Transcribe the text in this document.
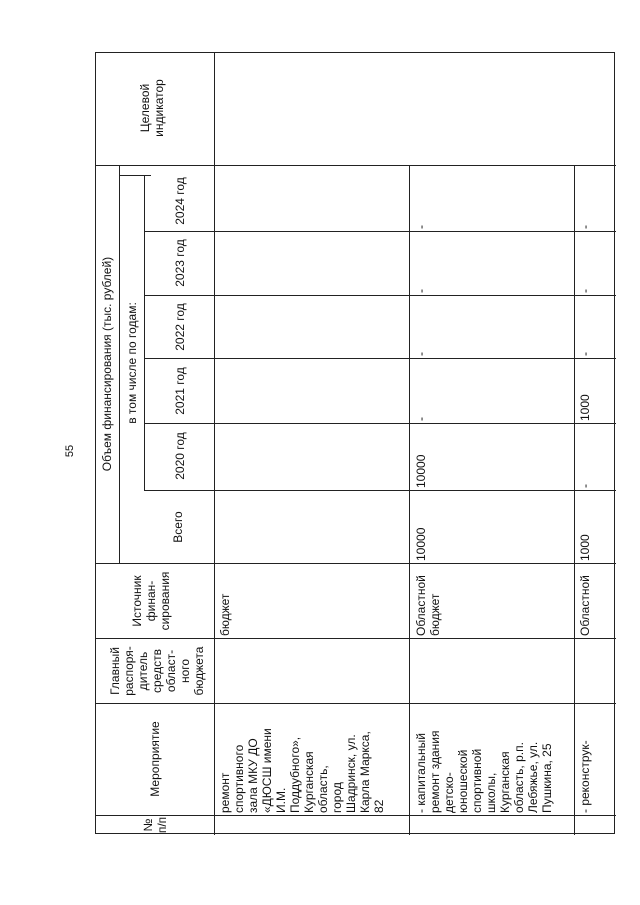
55
№
п/п
Мероприятие
Главный
распоря-
дитель
средств
област-
ного
бюджета
Источник
финан-
сирования
Объем финансирования (тыс. рублей)
Всего
в том числе по годам:
2020 год
2021 год
2022 год
2023 год
2024 год
Целевой
индикатор
ремонт
спортивного
зала МКУ ДО
«ДЮСШ имени
И.М.
Поддубного»,
Курганская
область,
город
Шадринск, ул.
Карла Маркса,
82
бюджет
- капитальный
ремонт здания
детско-
юношеской
спортивной
школы,
Курганская
область, р.п.
Лебяжье, ул.
Пушкина, 25
Областной
бюджет
10000
10000
-
-
-
-
- реконструк-
Областной
1000
-
1000
-
-
-
